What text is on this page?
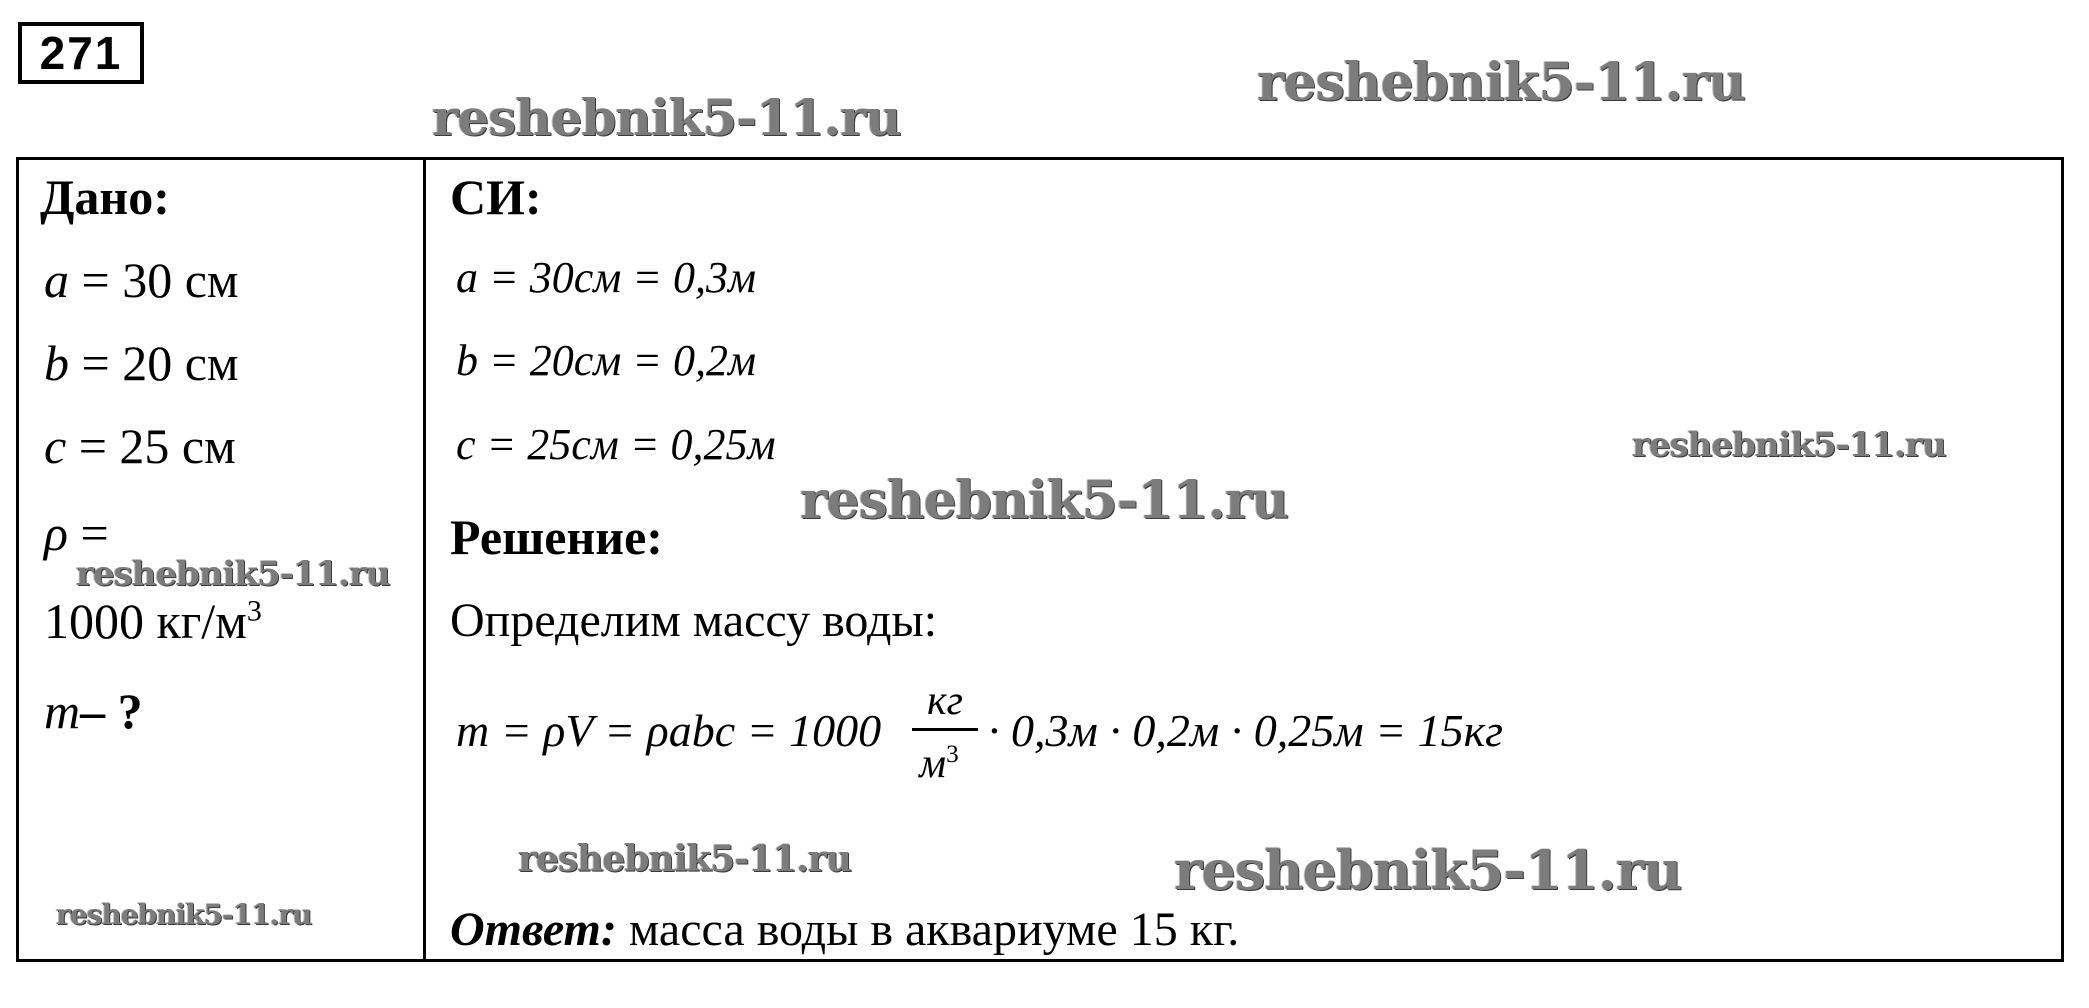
271
reshebnik5-11.ru
reshebnik5-11.ru
Дано:
a = 30 см
b = 20 см
c = 25 см
ρ =
1000 $кг/м^3$
m– ?
reshebnik5-11.ru
reshebnik5-11.ru
СИ:
a = 30см = 0,3м
b = 20см = 0,2м
c = 25см = 0,25м
reshebnik5-11.ru
reshebnik5-11.ru
Решение:
Определим массу воды:
m = ρV = ρabc = 1000
кг
$м^3 \cdot 0,3м \cdot 0,2м \cdot 0,25м = 15кг$
reshebnik5-11.ru	reshebnik5-11.ru
Ответ: масса воды в аквариуме 15 кг.
